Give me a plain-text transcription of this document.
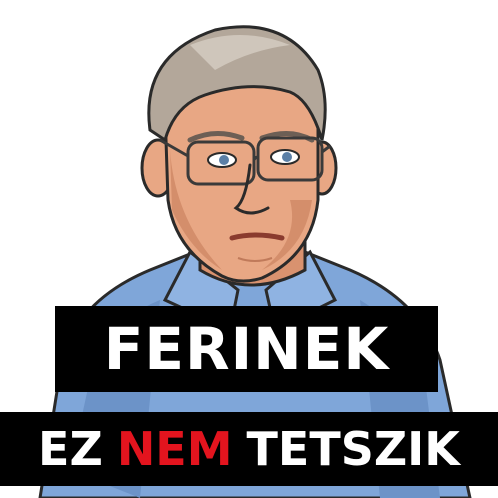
FERINEK
EZ NEM TETSZIK
